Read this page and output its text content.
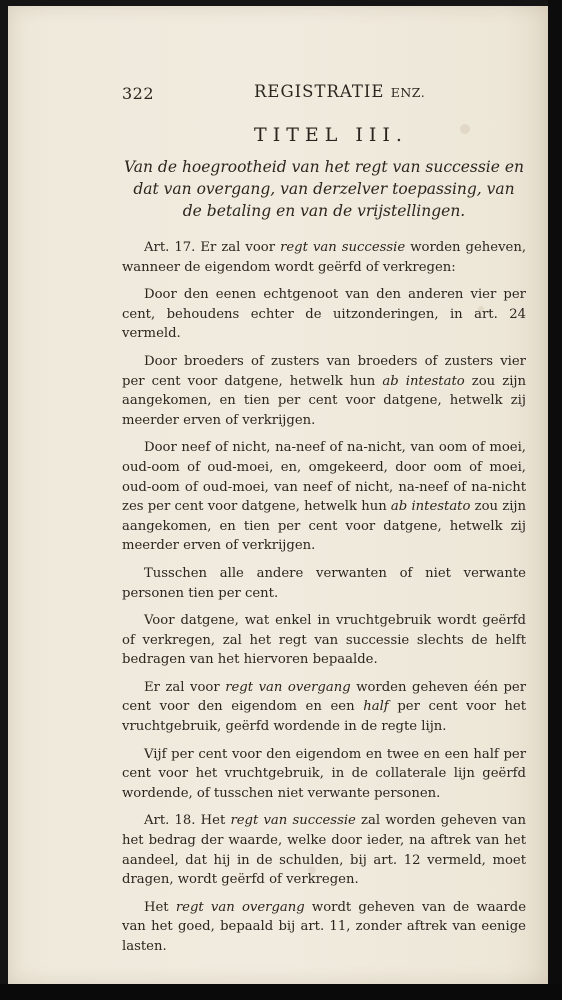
322	REGISTRATIE ENZ.
TITEL III.
Van de hoegrootheid van het regt van successie en
dat van overgang, van derzelver toepassing, van
de betaling en van de vrijstellingen.

Art. 17. Er zal voor regt van successie worden geheven, wanneer de eigendom wordt geërfd of verkregen:

Door den eenen echtgenoot van den anderen vier per cent, behoudens echter de uitzonderingen, in art. 24 vermeld.

Door broeders of zusters van broeders of zusters vier per cent voor datgene, hetwelk hun ab intestato zou zijn aangekomen, en tien per cent voor datgene, hetwelk zij meerder erven of verkrijgen.

Door neef of nicht, na-neef of na-nicht, van oom of moei, oud-oom of oud-moei, en, omgekeerd, door oom of moei, oud-oom of oud-moei, van neef of nicht, na-neef of na-nicht zes per cent voor datgene, hetwelk hun ab intestato zou zijn aangekomen, en tien per cent voor datgene, hetwelk zij meerder erven of verkrijgen.

Tusschen alle andere verwanten of niet verwante personen tien per cent.

Voor datgene, wat enkel in vruchtgebruik wordt geërfd of verkregen, zal het regt van successie slechts de helft bedragen van het hiervoren bepaalde.

Er zal voor regt van overgang worden geheven één per cent voor den eigendom en een half per cent voor het vruchtgebruik, geërfd wordende in de regte lijn.

Vijf per cent voor den eigendom en twee en een half per cent voor het vruchtgebruik, in de collaterale lijn geërfd wordende, of tusschen niet verwante personen.

Art. 18. Het regt van successie zal worden geheven van het bedrag der waarde, welke door ieder, na aftrek van het aandeel, dat hij in de schulden, bij art. 12 vermeld, moet dragen, wordt geërfd of verkregen.

Het regt van overgang wordt geheven van de waarde van het goed, bepaald bij art. 11, zonder aftrek van eenige lasten.
